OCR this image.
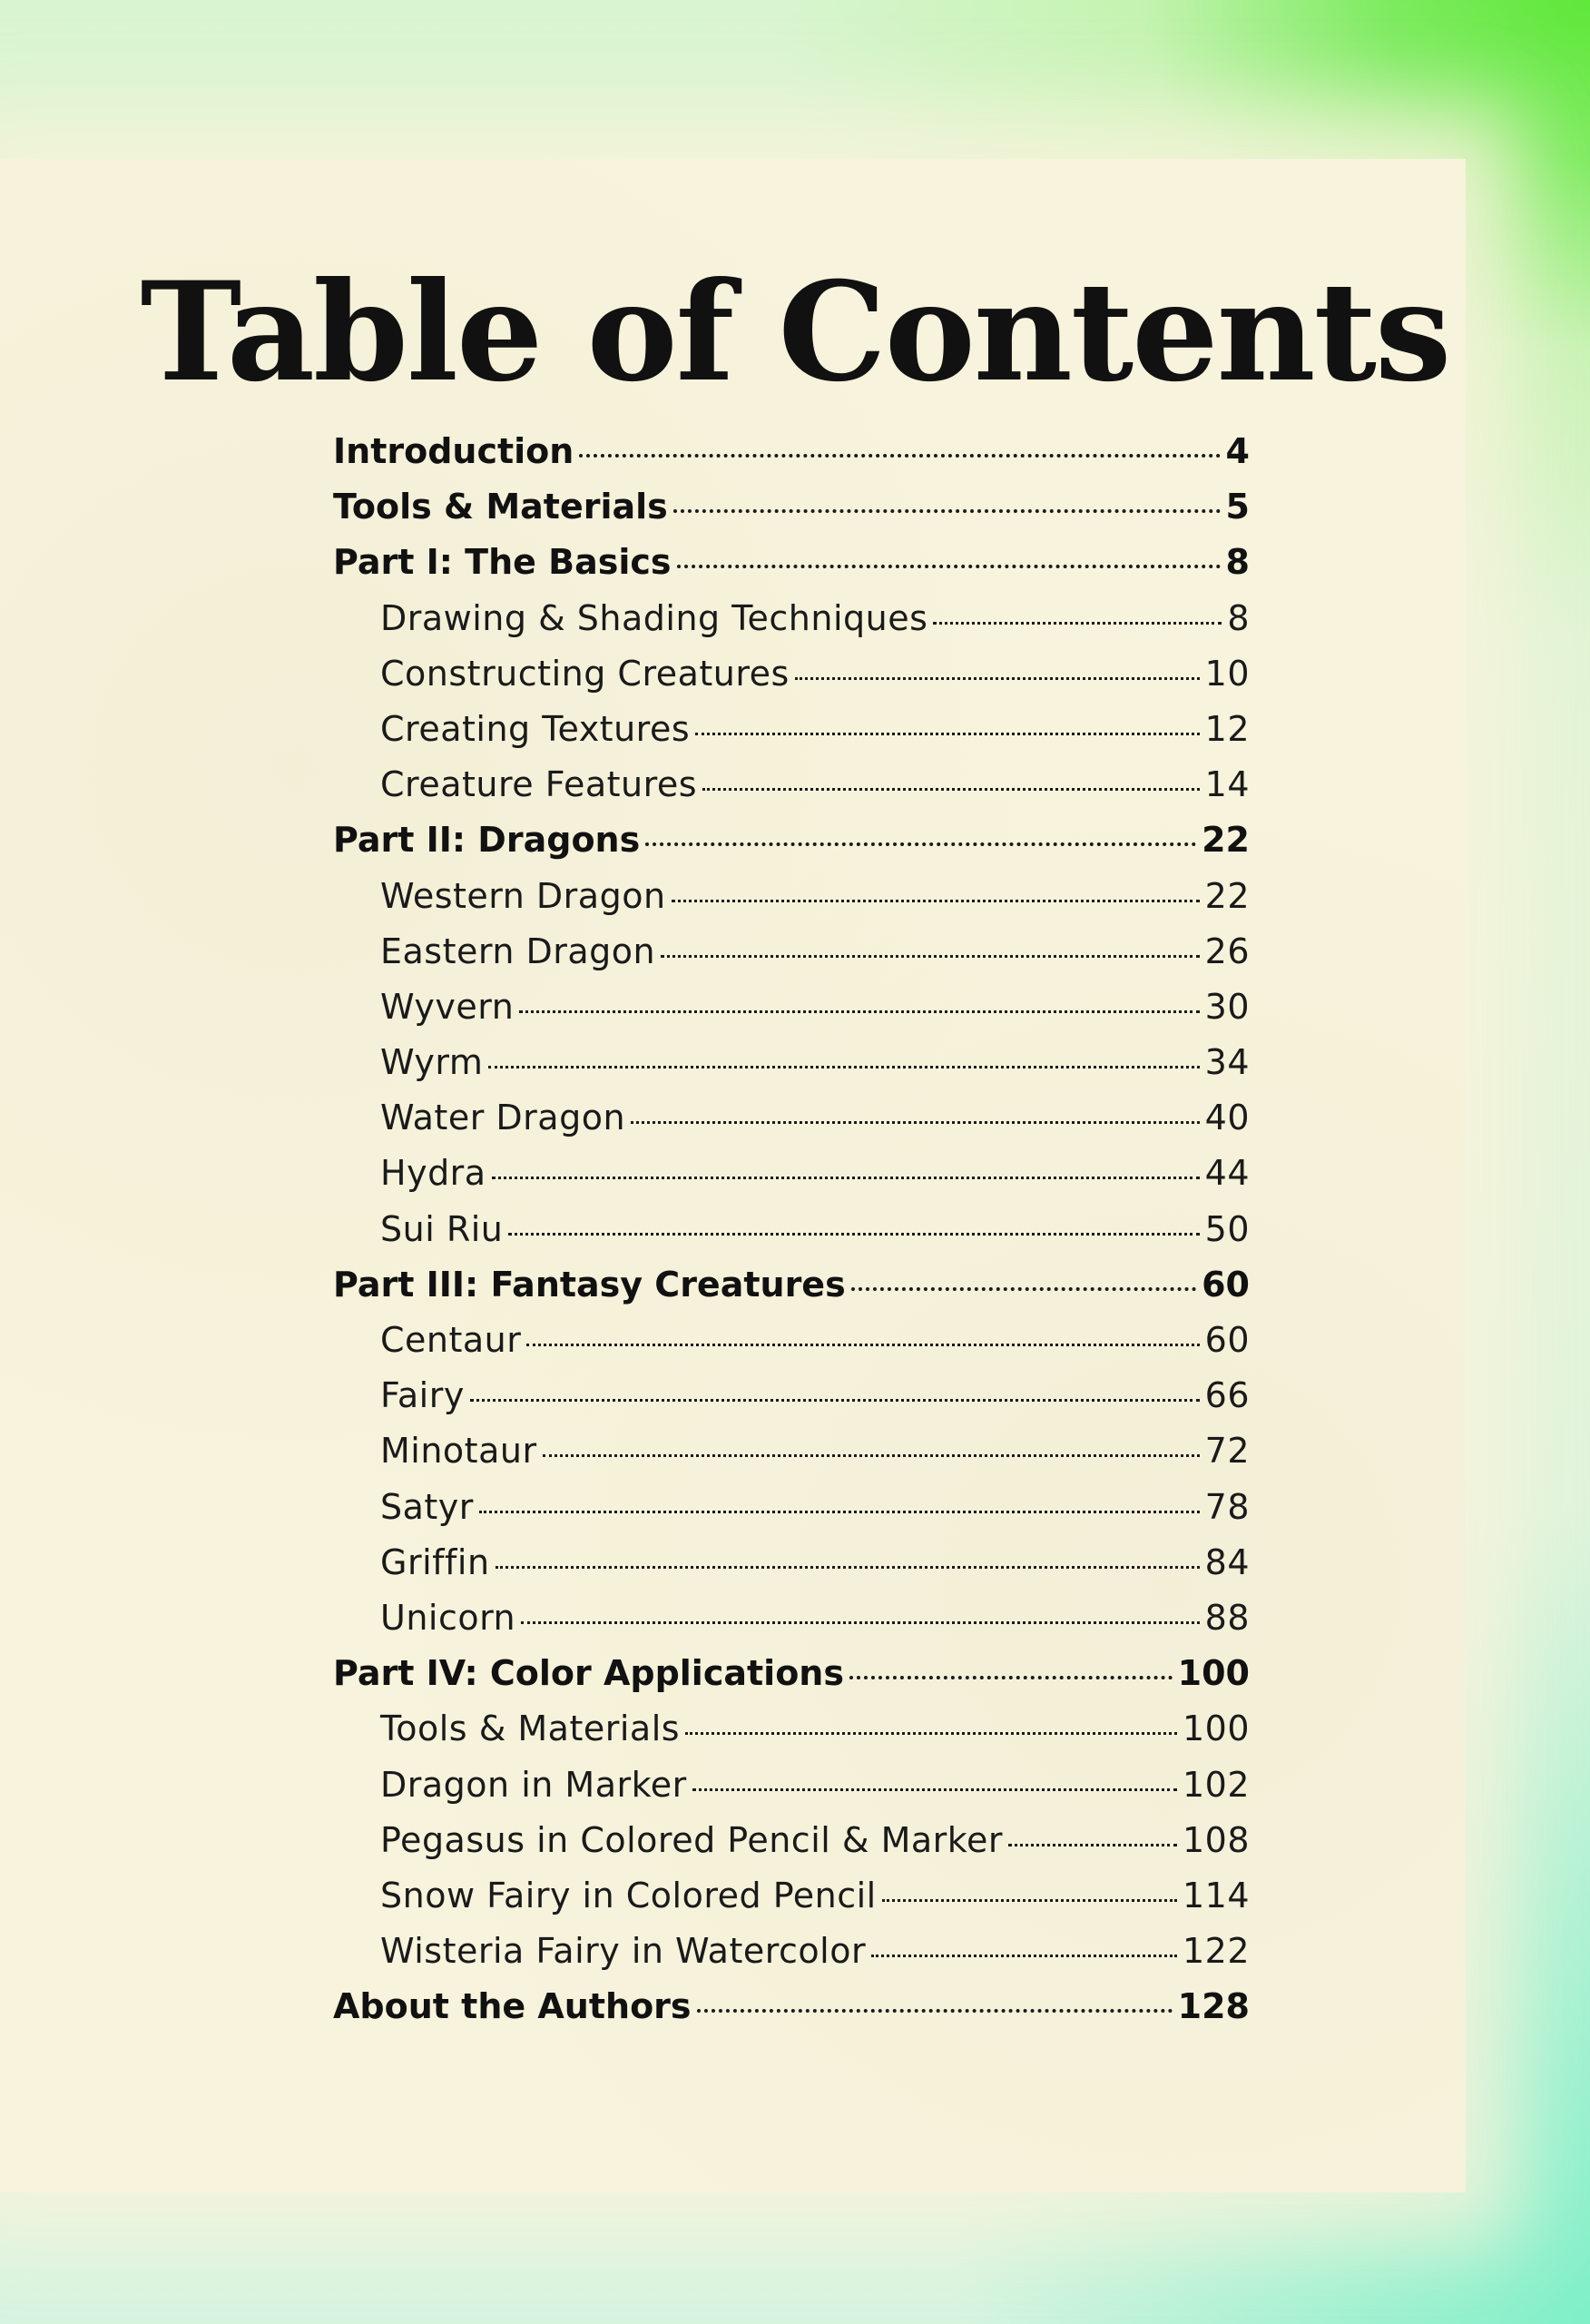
Table of Contents
Introduction	4
Tools & Materials	5
Part I: The Basics	8
Drawing & Shading Techniques	8
Constructing Creatures	10
Creating Textures	12
Creature Features	14
Part II: Dragons	22
Western Dragon	22
Eastern Dragon	26
Wyvern	30
Wyrm	34
Water Dragon	40
Hydra	44
Sui Riu	50
Part III: Fantasy Creatures	60
Centaur	60
Fairy	66
Minotaur	72
Satyr	78
Griffin	84
Unicorn	88
Part IV: Color Applications	100
Tools & Materials	100
Dragon in Marker	102
Pegasus in Colored Pencil & Marker	108
Snow Fairy in Colored Pencil	114
Wisteria Fairy in Watercolor	122
About the Authors	128
